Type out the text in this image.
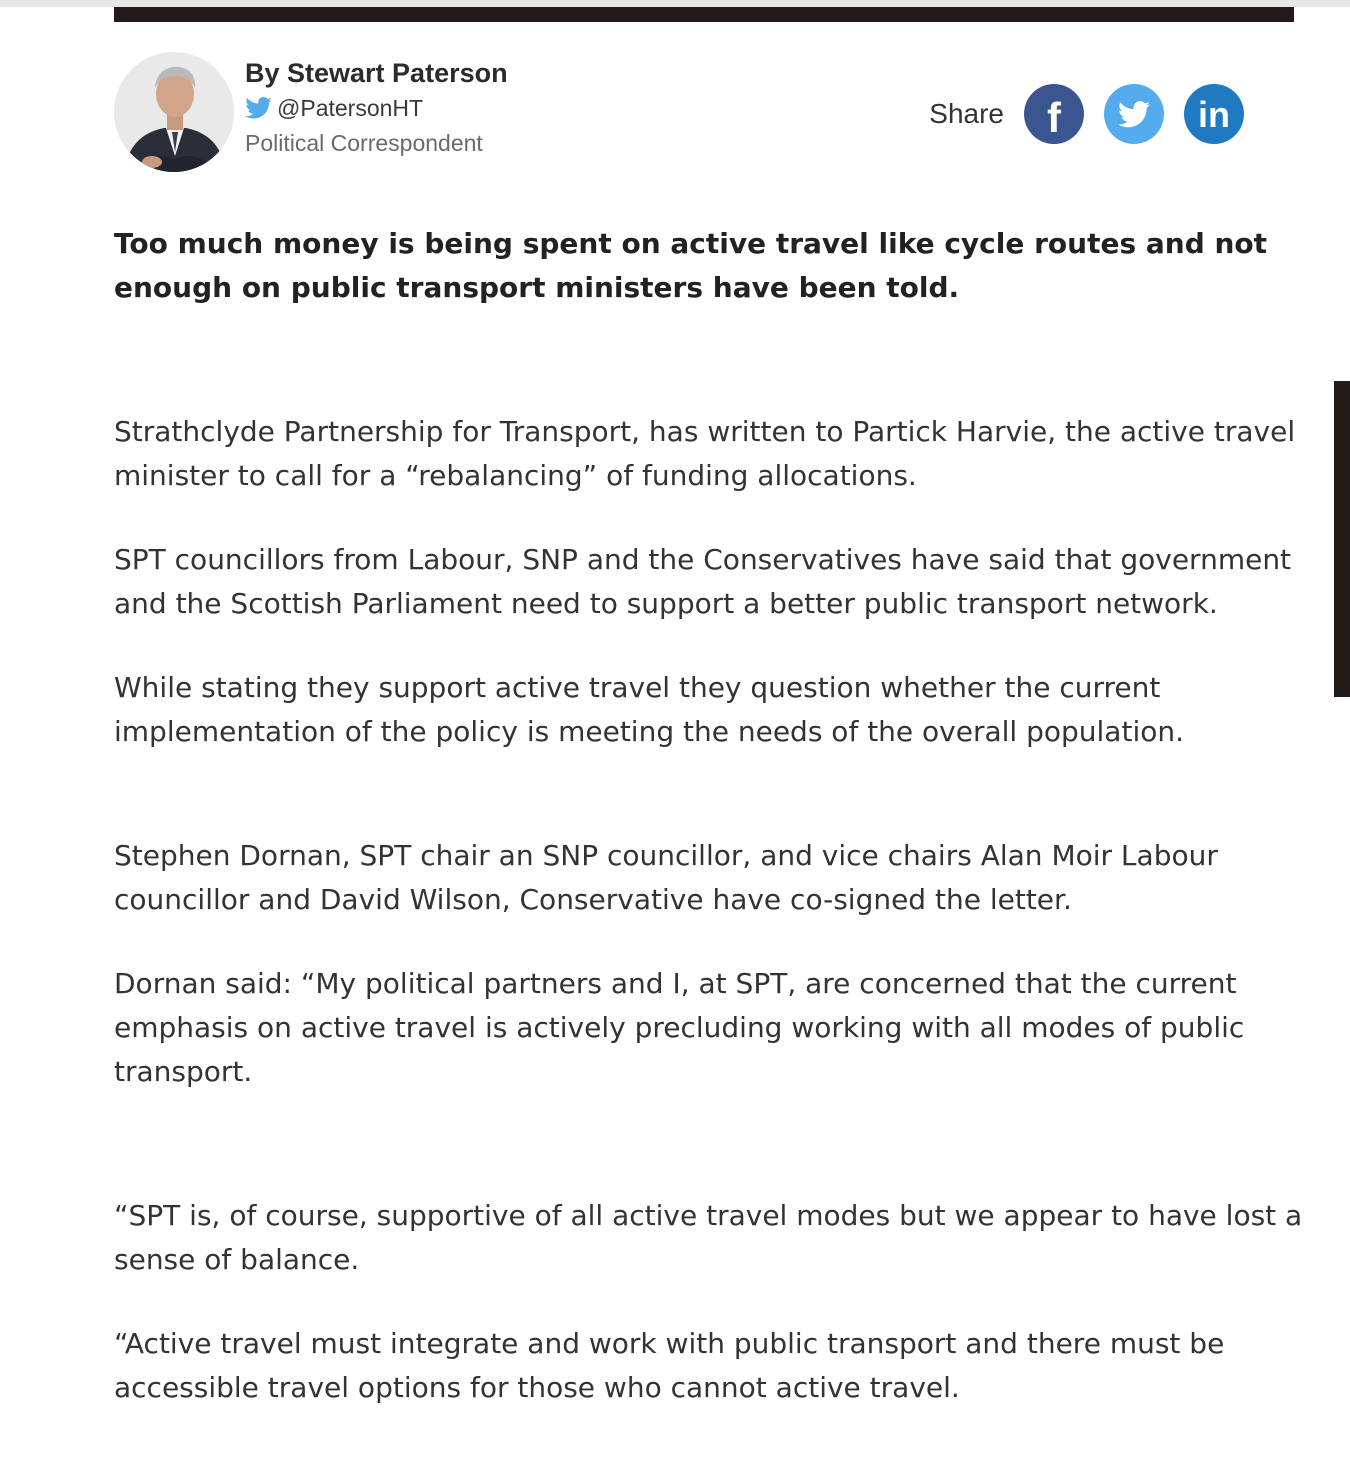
By Stewart Paterson
@PatersonHT
Political Correspondent
Share f	in

Too much money is being spent on active travel like cycle routes and not enough on public transport ministers have been told.

Strathclyde Partnership for Transport, has written to Partick Harvie, the active travel minister to call for a “rebalancing” of funding allocations.

SPT councillors from Labour, SNP and the Conservatives have said that government and the Scottish Parliament need to support a better public transport network.

While stating they support active travel they question whether the current implementation of the policy is meeting the needs of the overall population.

Stephen Dornan, SPT chair an SNP councillor, and vice chairs Alan Moir Labour councillor and David Wilson, Conservative have co-signed the letter.

Dornan said: “My political partners and I, at SPT, are concerned that the current emphasis on active travel is actively precluding working with all modes of public transport.

“SPT is, of course, supportive of all active travel modes but we appear to have lost a sense of balance.

“Active travel must integrate and work with public transport and there must be accessible travel options for those who cannot active travel.
